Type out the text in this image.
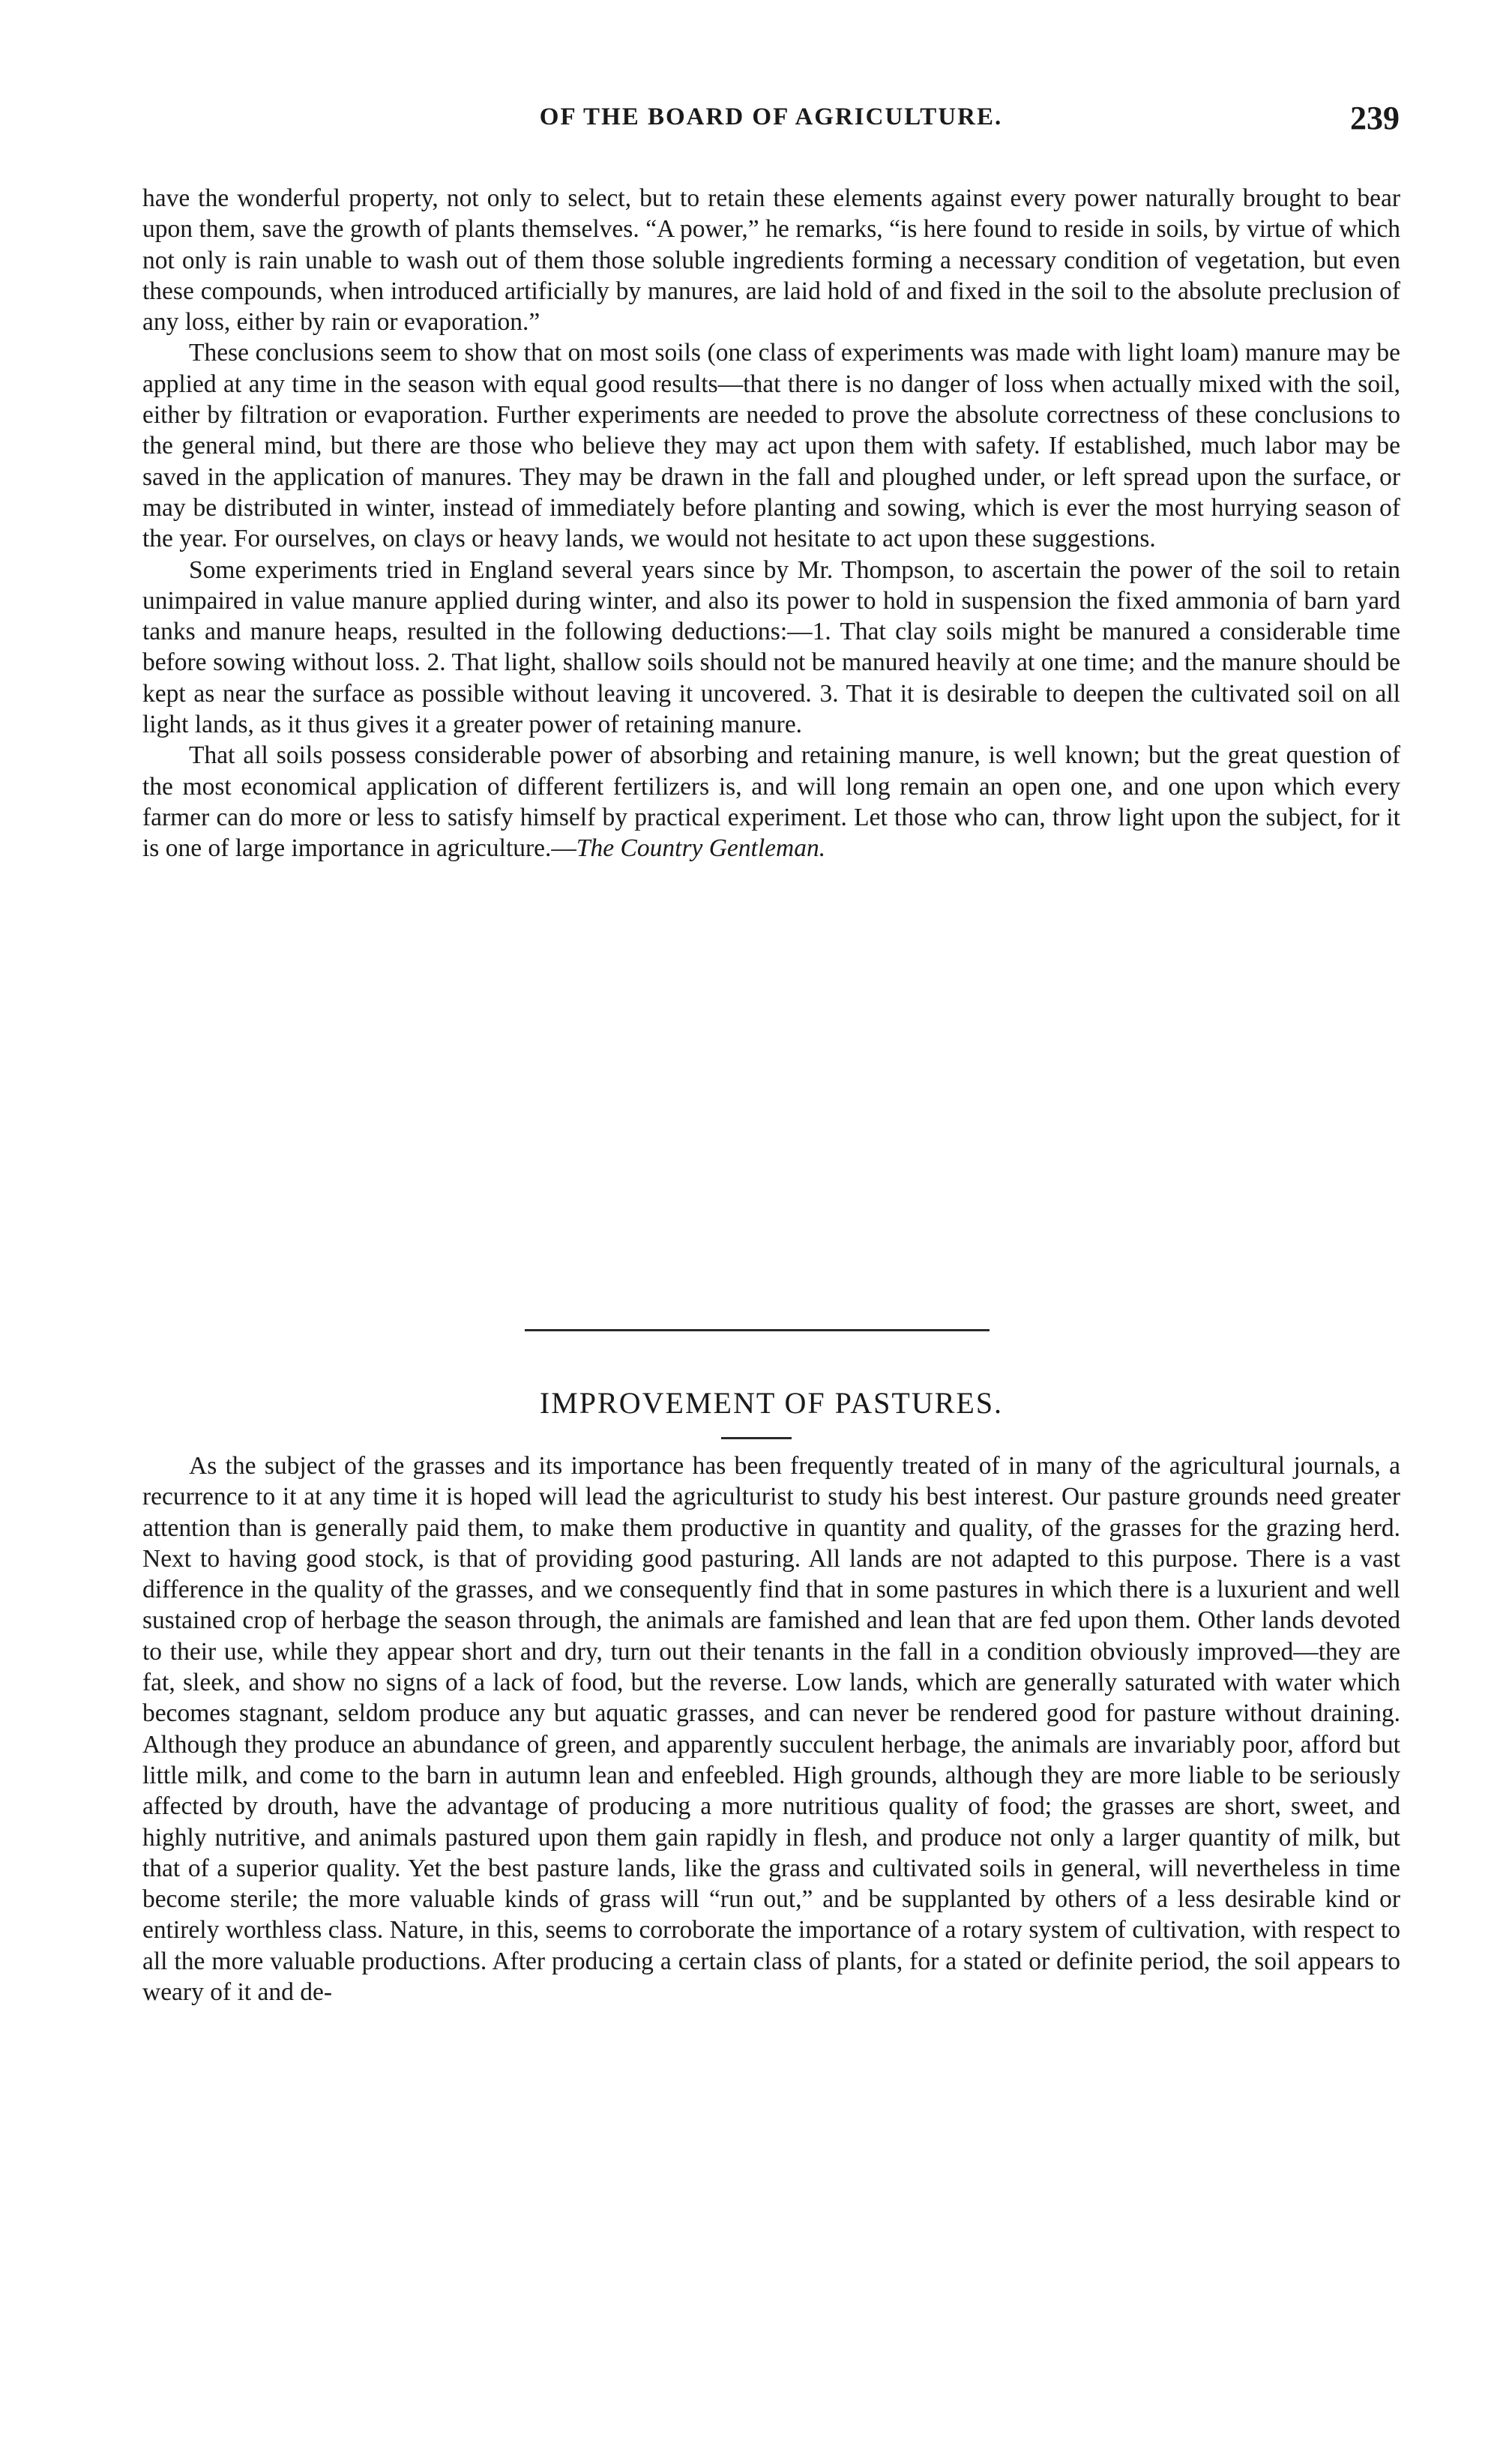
OF THE BOARD OF AGRICULTURE.	239

have the wonderful property, not only to select, but to retain these elements against every power naturally brought to bear upon them, save the growth of plants themselves. “A power,” he remarks, “is here found to reside in soils, by virtue of which not only is rain unable to wash out of them those soluble ingredients forming a necessary condition of vegetation, but even these compounds, when introduced artificially by manures, are laid hold of and fixed in the soil to the absolute preclusion of any loss, either by rain or evaporation.”

These conclusions seem to show that on most soils (one class of experiments was made with light loam) manure may be applied at any time in the season with equal good results—that there is no danger of loss when actually mixed with the soil, either by filtration or evaporation. Further experiments are needed to prove the absolute correctness of these conclusions to the general mind, but there are those who believe they may act upon them with safety. If established, much labor may be saved in the application of manures. They may be drawn in the fall and ploughed under, or left spread upon the surface, or may be distributed in winter, instead of immediately before planting and sowing, which is ever the most hurrying season of the year. For ourselves, on clays or heavy lands, we would not hesitate to act upon these suggestions.

Some experiments tried in England several years since by Mr. Thompson, to ascertain the power of the soil to retain unimpaired in value manure applied during winter, and also its power to hold in suspension the fixed ammonia of barn yard tanks and manure heaps, resulted in the following deductions:—1. That clay soils might be manured a considerable time before sowing without loss. 2. That light, shallow soils should not be manured heavily at one time; and the manure should be kept as near the surface as possible without leaving it uncovered. 3. That it is desirable to deepen the cultivated soil on all light lands, as it thus gives it a greater power of retaining manure.

That all soils possess considerable power of absorbing and retaining manure, is well known; but the great question of the most economical application of different fertilizers is, and will long remain an open one, and one upon which every farmer can do more or less to satisfy himself by practical experiment. Let those who can, throw light upon the subject, for it is one of large importance in agriculture.—The Country Gentleman.

IMPROVEMENT OF PASTURES.

As the subject of the grasses and its importance has been frequently treated of in many of the agricultural journals, a recurrence to it at any time it is hoped will lead the agriculturist to study his best interest. Our pasture grounds need greater attention than is generally paid them, to make them productive in quantity and quality, of the grasses for the grazing herd. Next to having good stock, is that of providing good pasturing. All lands are not adapted to this purpose. There is a vast difference in the quality of the grasses, and we consequently find that in some pastures in which there is a luxurient and well sustained crop of herbage the season through, the animals are famished and lean that are fed upon them. Other lands devoted to their use, while they appear short and dry, turn out their tenants in the fall in a condition obviously improved—they are fat, sleek, and show no signs of a lack of food, but the reverse. Low lands, which are generally saturated with water which becomes stagnant, seldom produce any but aquatic grasses, and can never be rendered good for pasture without draining. Although they produce an abundance of green, and apparently succulent herbage, the animals are invariably poor, afford but little milk, and come to the barn in autumn lean and enfeebled. High grounds, although they are more liable to be seriously affected by drouth, have the advantage of producing a more nutritious quality of food; the grasses are short, sweet, and highly nutritive, and animals pastured upon them gain rapidly in flesh, and produce not only a larger quantity of milk, but that of a superior quality. Yet the best pasture lands, like the grass and cultivated soils in general, will nevertheless in time become sterile; the more valuable kinds of grass will “run out,” and be supplanted by others of a less desirable kind or entirely worthless class. Nature, in this, seems to corroborate the importance of a rotary system of cultivation, with respect to all the more valuable productions. After producing a certain class of plants, for a stated or definite period, the soil appears to weary of it and de-
